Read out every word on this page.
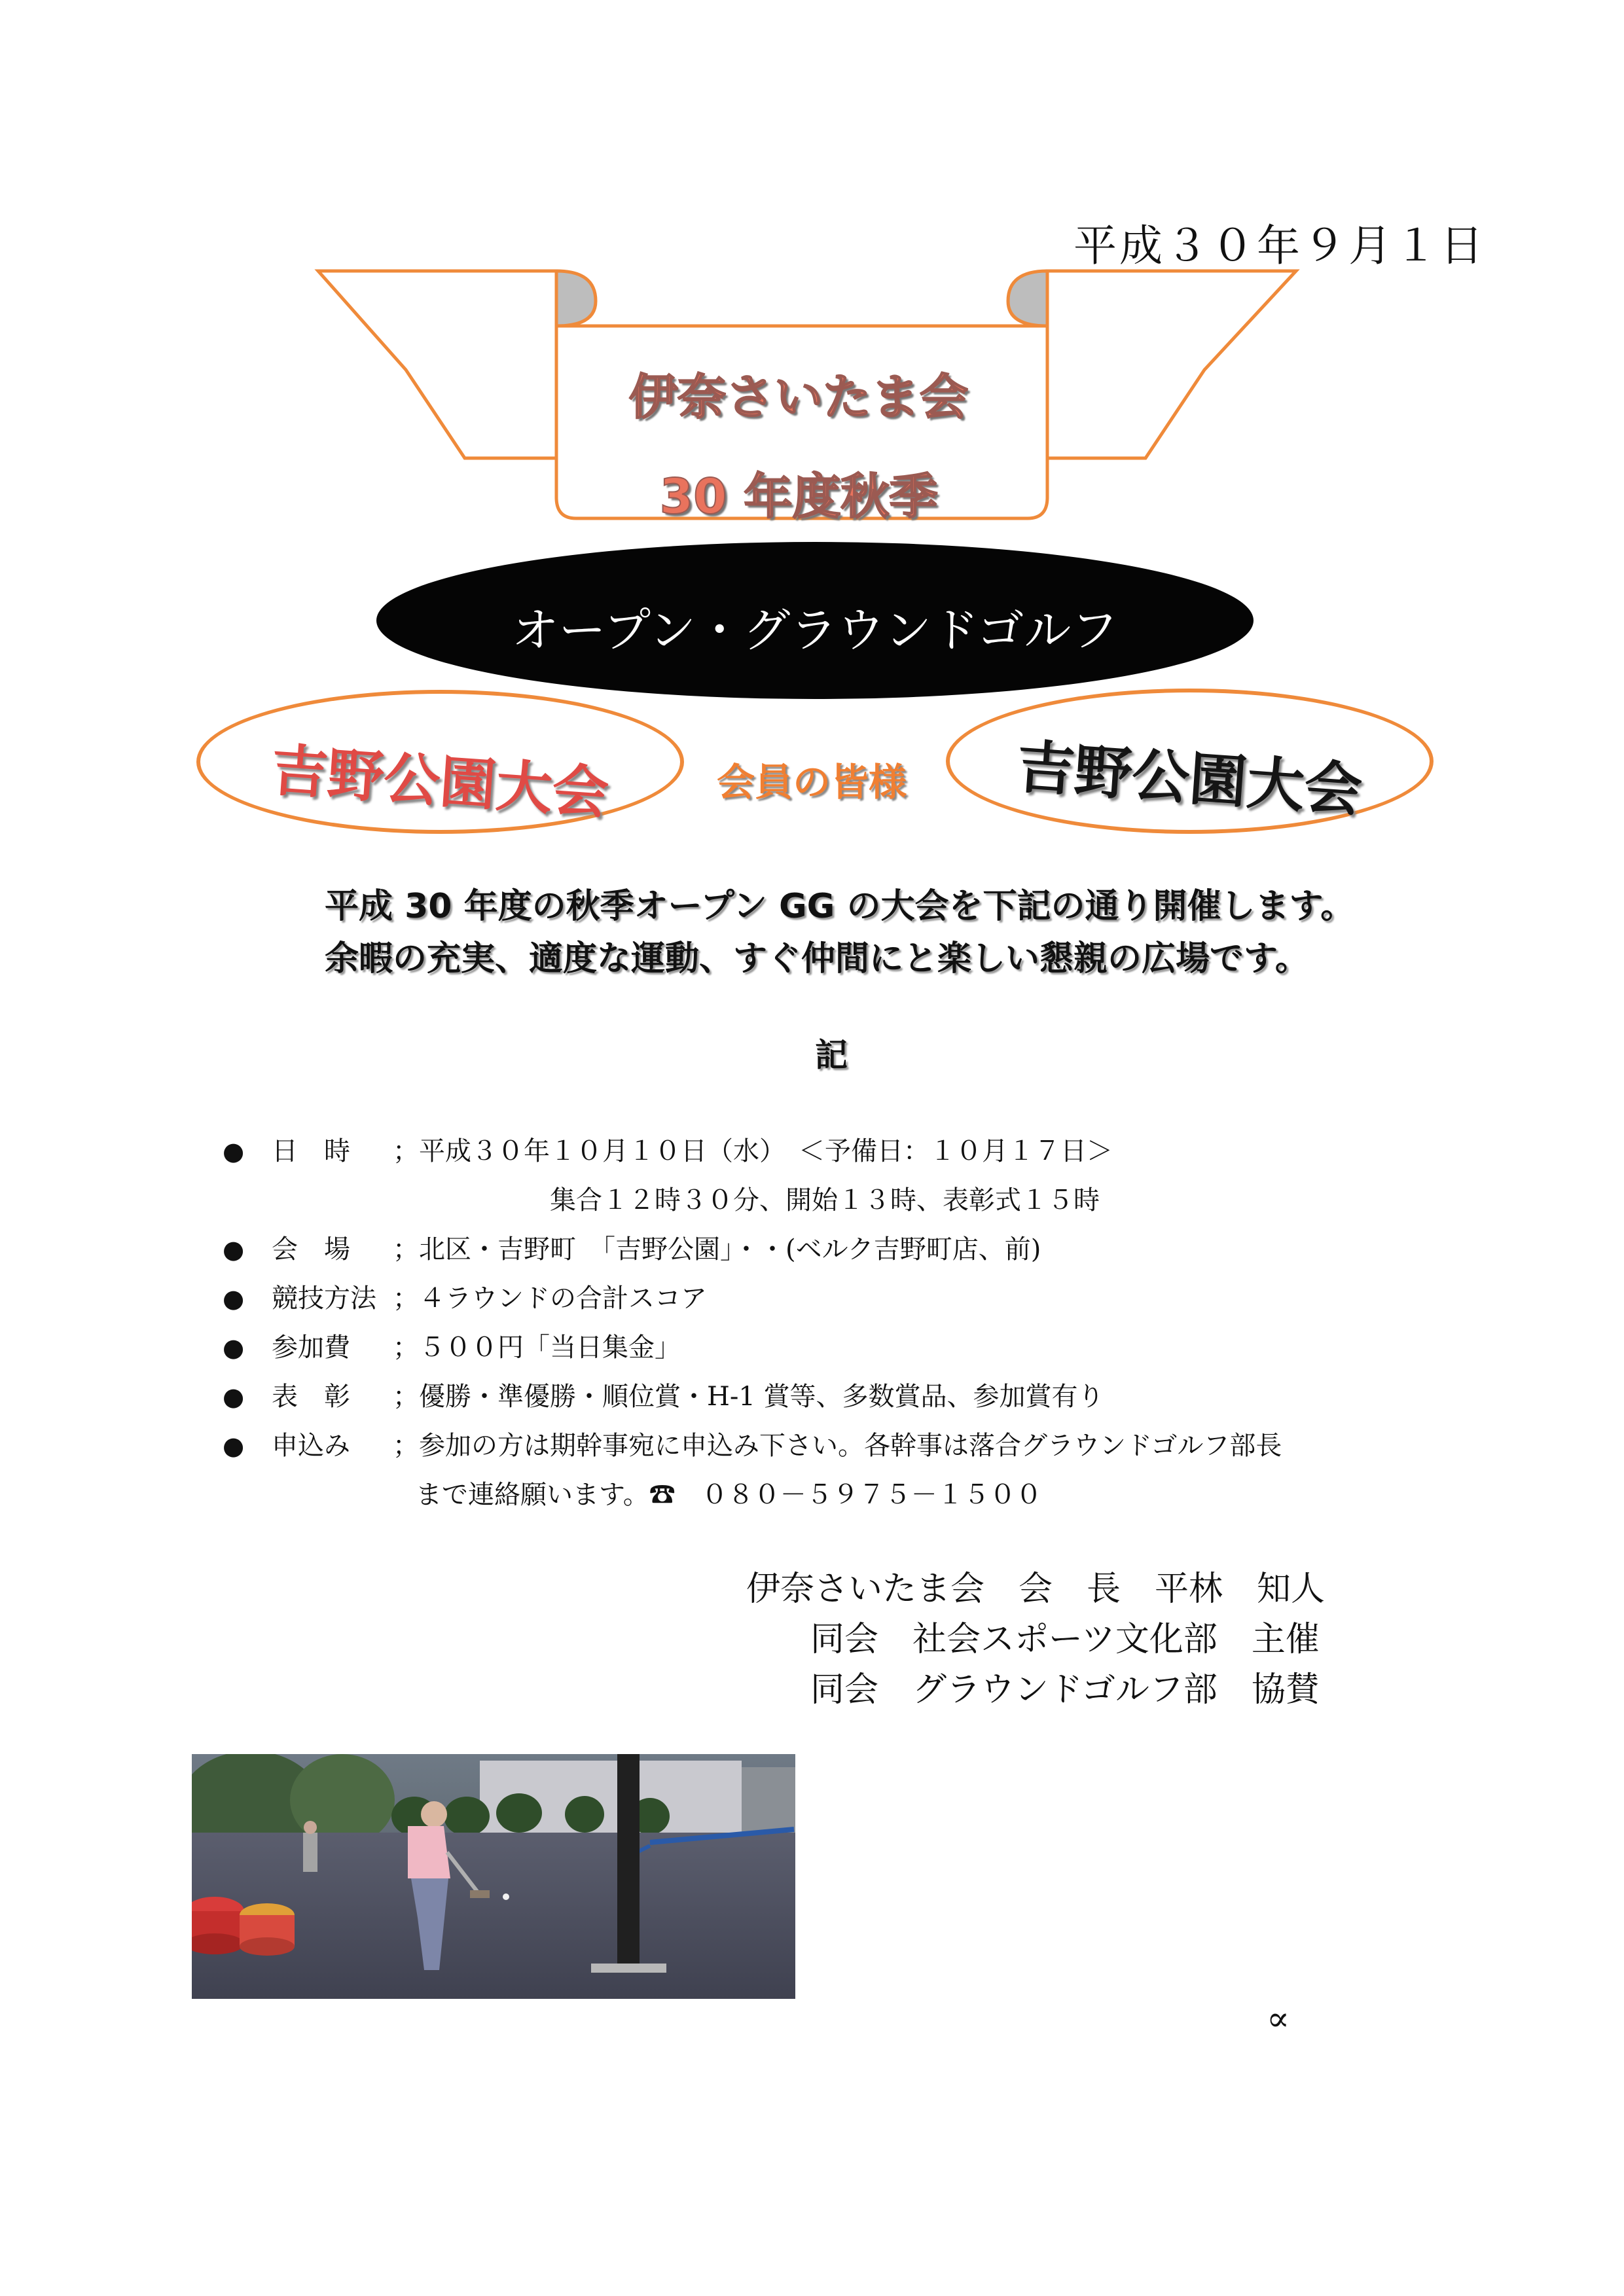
平成３０年９月１日
伊奈さいたま会
30 年度秋季
オープン・グラウンドゴルフ
吉野公園大会	会員の皆様	吉野公園大会
平成 30 年度の秋季オープン GG の大会を下記の通り開催します。
余暇の充実、適度な運動、すぐ仲間にと楽しい懇親の広場です。
記
● 日　時	；平成３０年１０月１０日（水）　＜予備日：１０月１７日＞
集合１２時３０分、開始１３時、表彰式１５時
● 会　場	；北区・吉野町　「吉野公園」・・(ベルク吉野町店、前)
● 競技方法 ；４ラウンドの合計スコア
● 参加費	；５００円「当日集金」
● 表　彰	；優勝・準優勝・順位賞・H-1 賞等、多数賞品、参加賞有り
● 申込み	；参加の方は期幹事宛に申込み下さい。各幹事は落合グラウンドゴルフ部長
まで連絡願います。☎　０８０－５９７５－１５００
伊奈さいたま会　会　長　平林　知人
同会　社会スポーツ文化部　主催
同会　グラウンドゴルフ部　協賛
∝
